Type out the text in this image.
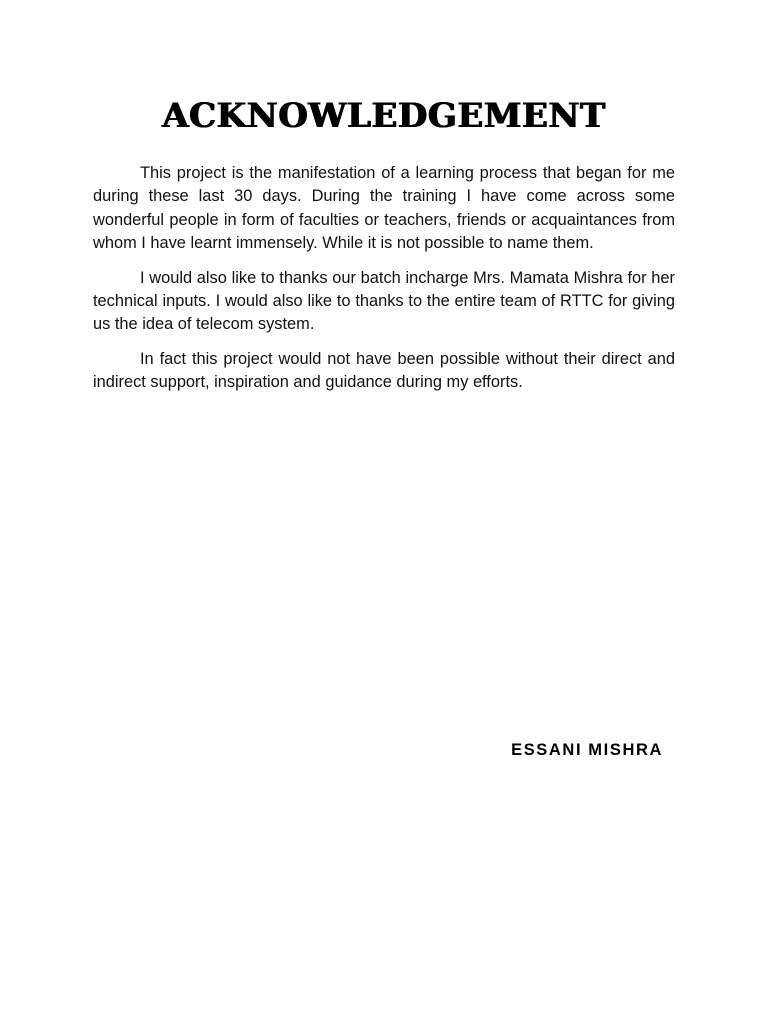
ACKNOWLEDGEMENT

This project is the manifestation of a learning process that began for me during these last 30 days. During the training I have come across some wonderful people in form of faculties or teachers, friends or acquaintances from whom I have learnt immensely. While it is not possible to name them.

I would also like to thanks our batch incharge Mrs. Mamata Mishra for her technical inputs. I would also like to thanks to the entire team of RTTC for giving us the idea of telecom system.

In fact this project would not have been possible without their direct and indirect support, inspiration and guidance during my efforts.

ESSANI MISHRA
